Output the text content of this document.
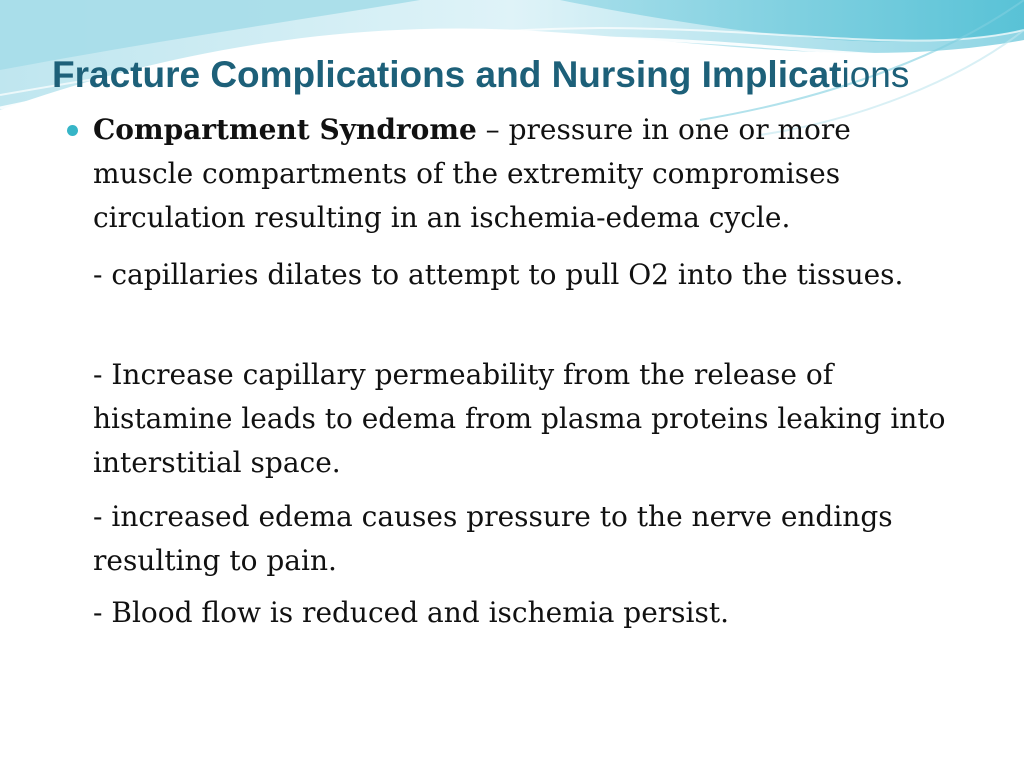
Fracture Complications and Nursing Implications

Compartment Syndrome – pressure in one or more muscle compartments of the extremity compromises circulation resulting in an ischemia-edema cycle.

- capillaries dilates to attempt to pull O2 into the tissues.

- Increase capillary permeability from the release of histamine leads to edema from plasma proteins leaking into interstitial space.

- increased edema causes pressure to the nerve endings resulting to pain.

- Blood flow is reduced and ischemia persist.
